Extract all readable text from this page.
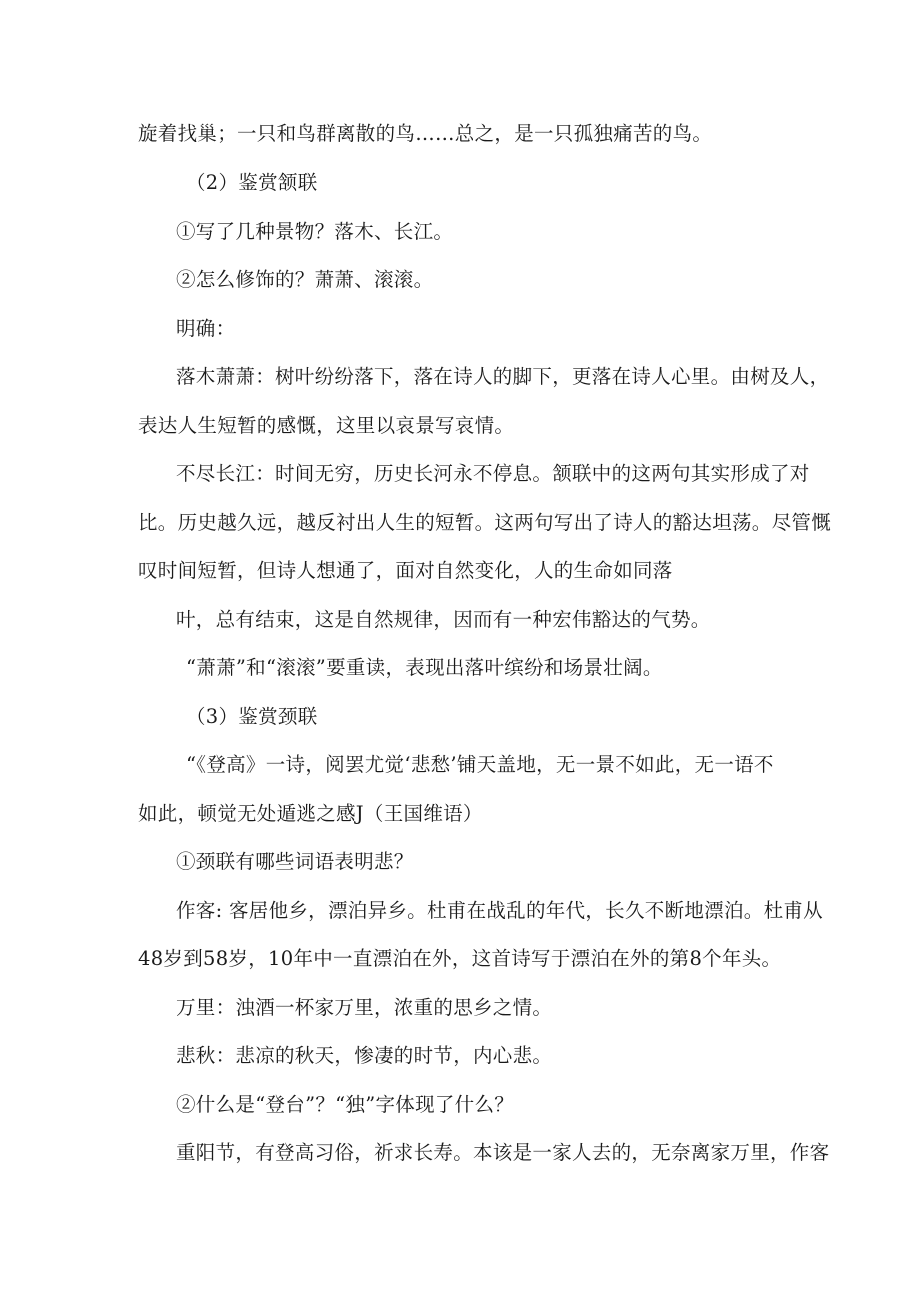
旋着找巢；一只和鸟群离散的鸟……总之，是一只孤独痛苦的鸟。

（2）鉴赏颔联

①写了几种景物？落木、长江。

②怎么修饰的？萧萧、滚滚。

明确：

落木萧萧：树叶纷纷落下，落在诗人的脚下，更落在诗人心里。由树及人，

表达人生短暂的感慨，这里以哀景写哀情。

不尽长江：时间无穷，历史长河永不停息。颔联中的这两句其实形成了对

比。历史越久远，越反衬出人生的短暂。这两句写出了诗人的豁达坦荡。尽管慨

叹时间短暂，但诗人想通了，面对自然变化，人的生命如同落

叶，总有结束，这是自然规律，因而有一种宏伟豁达的气势。

“萧萧”和“滚滚”要重读，表现出落叶缤纷和场景壮阔。

（3）鉴赏颈联

“《登高》一诗，阅罢尤觉‘悲愁’铺天盖地，无一景不如此，无一语不

如此，顿觉无处遁逃之感J（王国维语）

①颈联有哪些词语表明悲？

作客: 客居他乡，漂泊异乡。杜甫在战乱的年代，长久不断地漂泊。杜甫从

48岁到58岁，10年中一直漂泊在外，这首诗写于漂泊在外的第8个年头。

万里：浊酒一杯家万里，浓重的思乡之情。

悲秋：悲凉的秋天，惨凄的时节，内心悲。

②什么是“登台”？“独”字体现了什么？

重阳节，有登高习俗，祈求长寿。本该是一家人去的，无奈离家万里，作客
